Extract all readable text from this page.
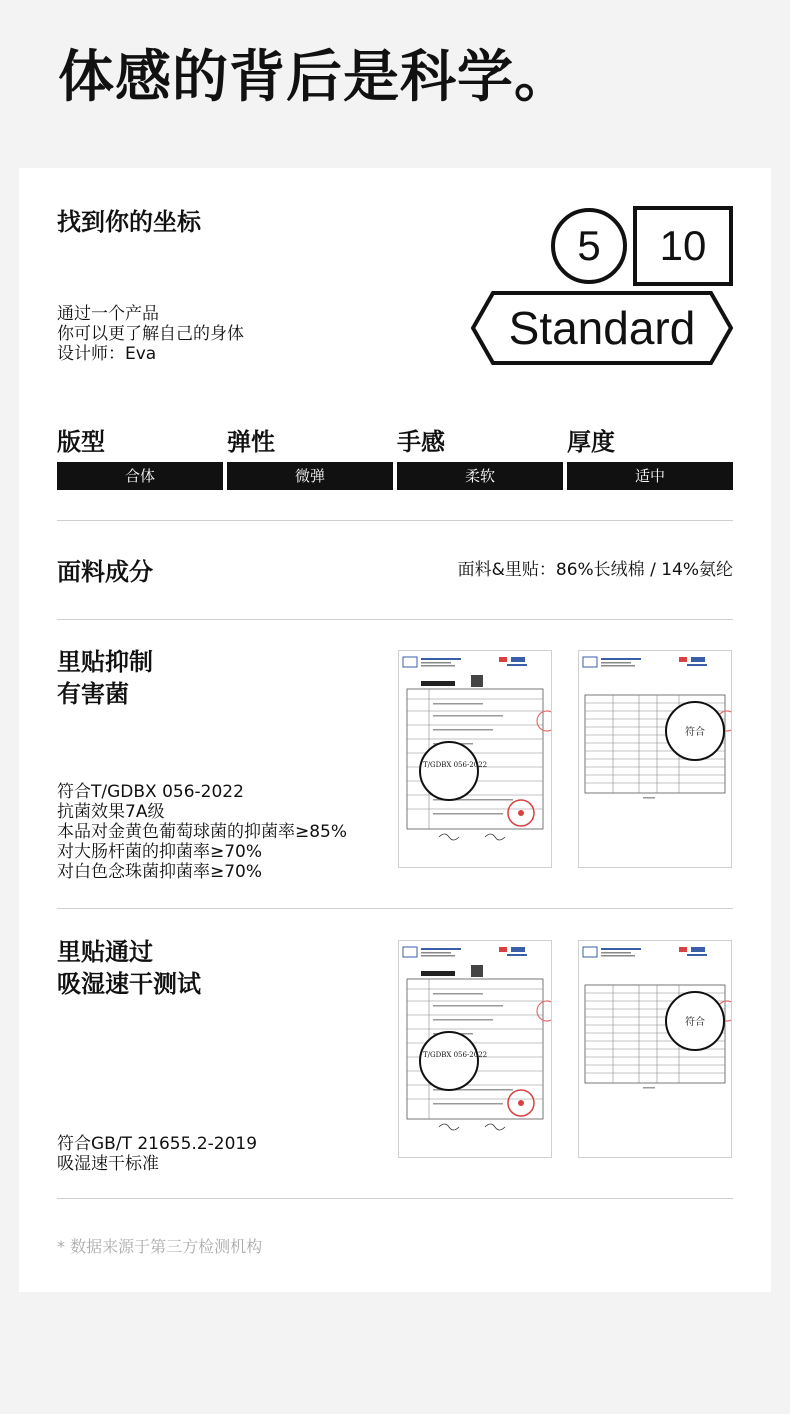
体感的背后是科学。
找到你的坐标
通过一个产品
你可以更了解自己的身体
设计师：Eva
5 10
Standard
版型
合体
弹性
微弹
手感
柔软
厚度
适中
面料成分	面料&里贴：86%长绒棉 / 14%氨纶
里贴抑制
有害菌
符合T/GDBX 056-2022
抗菌效果7A级
本品对金黄色葡萄球菌的抑菌率≥85%
对大肠杆菌的抑菌率≥70%
对白色念珠菌抑菌率≥70%
T/GDBX 056-2022
符合
里贴通过
吸湿速干测试
符合GB/T 21655.2-2019
吸湿速干标准
T/GDBX 056-2022
符合
* 数据来源于第三方检测机构
